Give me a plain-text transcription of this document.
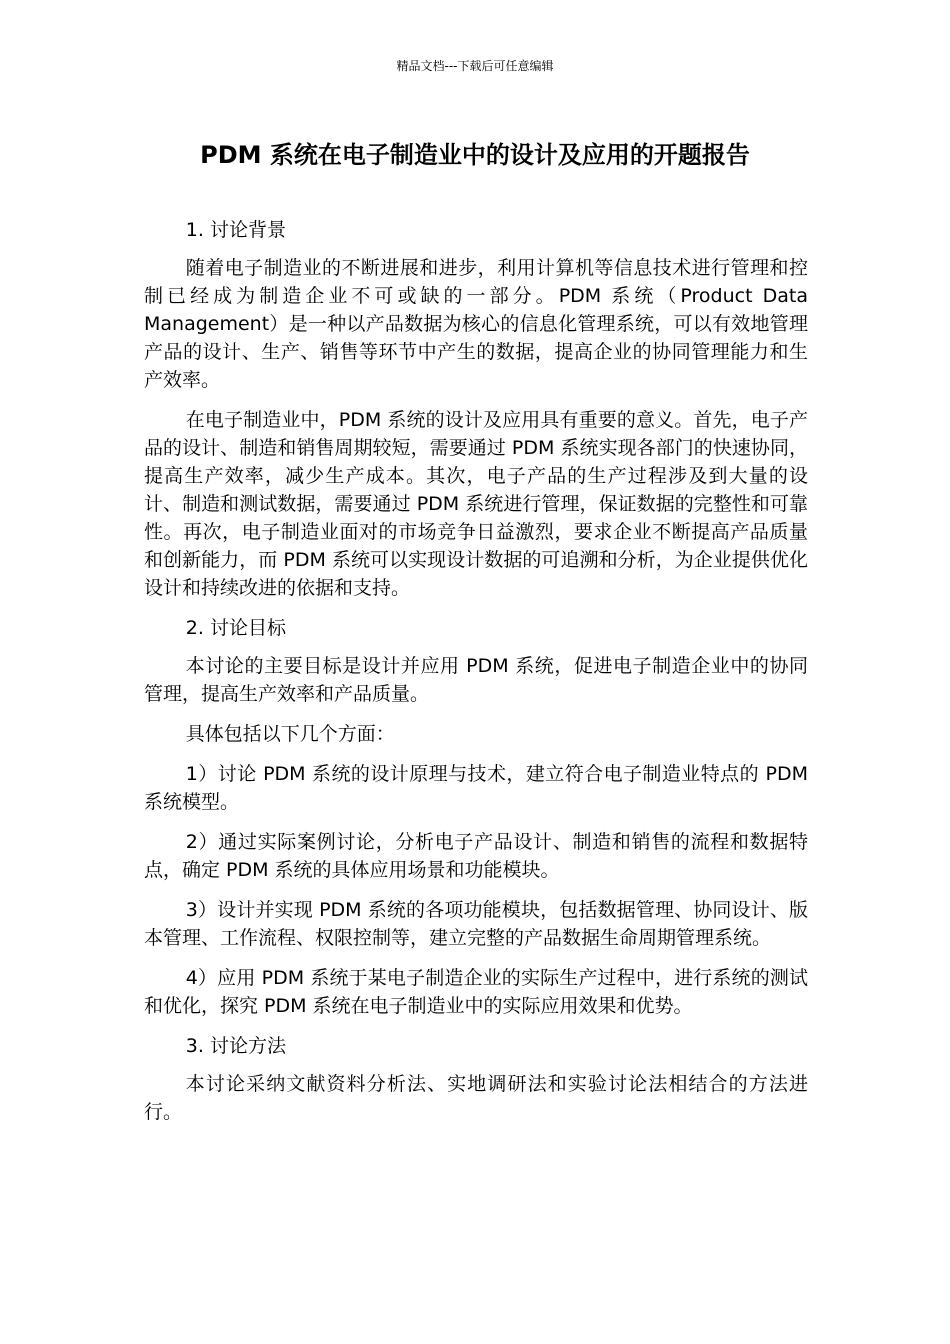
精品文档---下载后可任意编辑
PDM 系统在电子制造业中的设计及应用的开题报告

1. 讨论背景

随着电子制造业的不断进展和进步，利用计算机等信息技术进行管理和控制已经成为制造企业不可或缺的一部分。PDM 系统（Product Data Management）是一种以产品数据为核心的信息化管理系统，可以有效地管理产品的设计、生产、销售等环节中产生的数据，提高企业的协同管理能力和生产效率。

在电子制造业中，PDM 系统的设计及应用具有重要的意义。首先，电子产品的设计、制造和销售周期较短，需要通过 PDM 系统实现各部门的快速协同，提高生产效率，减少生产成本。其次，电子产品的生产过程涉及到大量的设计、制造和测试数据，需要通过 PDM 系统进行管理，保证数据的完整性和可靠性。再次，电子制造业面对的市场竞争日益激烈，要求企业不断提高产品质量和创新能力，而 PDM 系统可以实现设计数据的可追溯和分析，为企业提供优化设计和持续改进的依据和支持。

2. 讨论目标

本讨论的主要目标是设计并应用 PDM 系统，促进电子制造企业中的协同管理，提高生产效率和产品质量。

具体包括以下几个方面：

1）讨论 PDM 系统的设计原理与技术，建立符合电子制造业特点的 PDM 系统模型。

2）通过实际案例讨论，分析电子产品设计、制造和销售的流程和数据特点，确定 PDM 系统的具体应用场景和功能模块。

3）设计并实现 PDM 系统的各项功能模块，包括数据管理、协同设计、版本管理、工作流程、权限控制等，建立完整的产品数据生命周期管理系统。

4）应用 PDM 系统于某电子制造企业的实际生产过程中，进行系统的测试和优化，探究 PDM 系统在电子制造业中的实际应用效果和优势。

3. 讨论方法

本讨论采纳文献资料分析法、实地调研法和实验讨论法相结合的方法进行。
